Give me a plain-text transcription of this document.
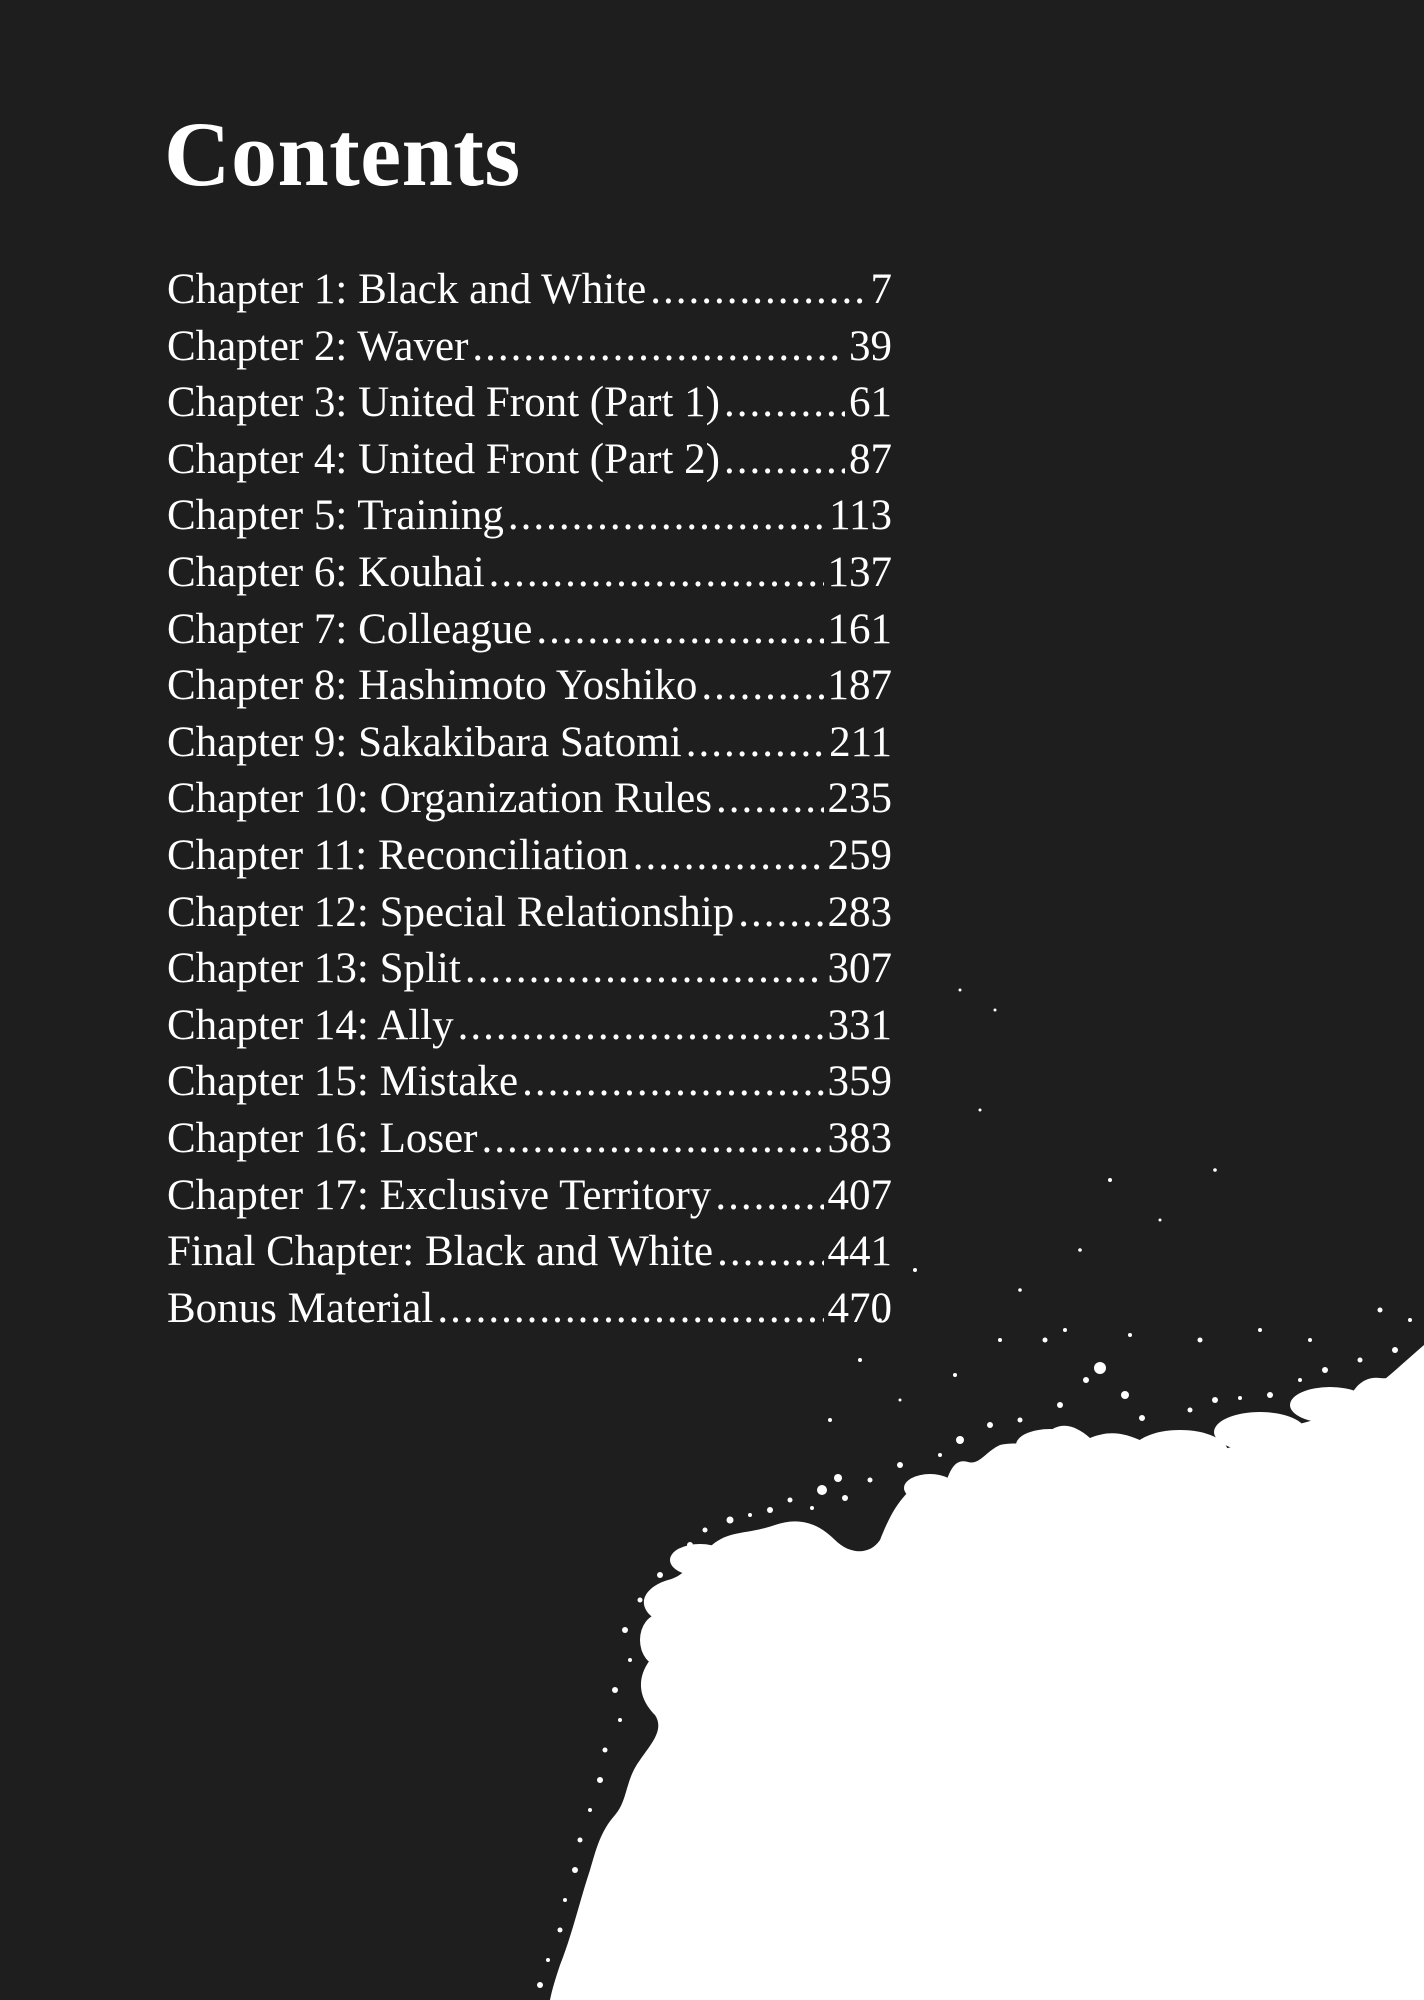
Contents
Chapter 1: Black and White .....	7
Chapter 2: Waver .....	39
Chapter 3: United Front (Part 1) .....	61
Chapter 4: United Front (Part 2) .....	87
Chapter 5: Training .....	113
Chapter 6: Kouhai .....	137
Chapter 7: Colleague .....	161
Chapter 8: Hashimoto Yoshiko .....	187
Chapter 9: Sakakibara Satomi .....	211
Chapter 10: Organization Rules .....	235
Chapter 11: Reconciliation .....	259
Chapter 12: Special Relationship ..... 283
Chapter 13: Split .....	307
Chapter 14: Ally .....	331
Chapter 15: Mistake .....	359
Chapter 16: Loser .....	383
Chapter 17: Exclusive Territory .....	407
Final Chapter: Black and White .....	441
Bonus Material .....	470
